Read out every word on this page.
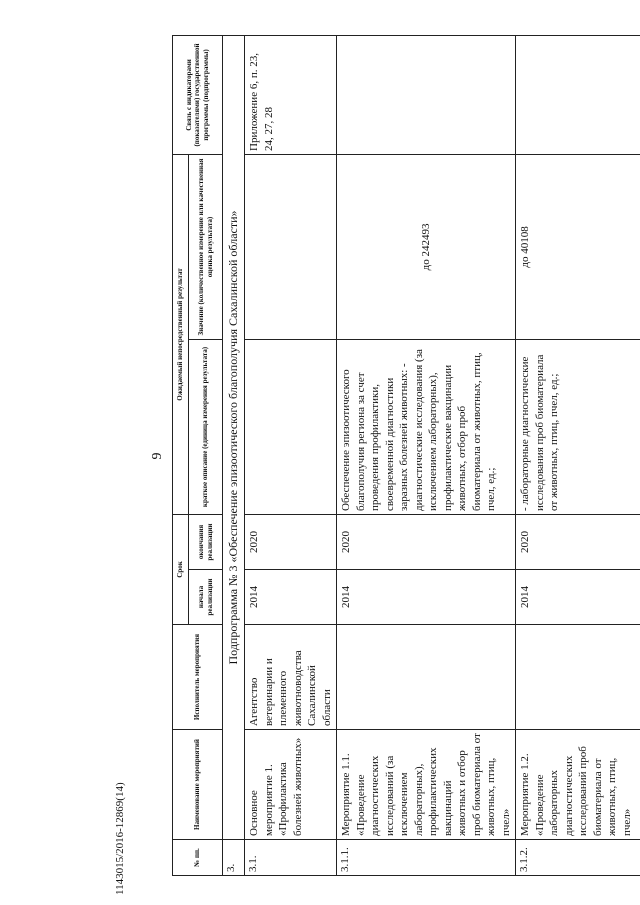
9
№ пп.	Наименование мероприятий	Исполнитель мероприятия	Срок		Ожидаемый непосредственный результат		Связь с индикаторами (показателями) государственной программы (подпрограммы)
			начала реализации	окончания реализации	краткое описание (единица измерения результата)	Значение (количественное измерение или качественная оценка результата)	
3.	Подпрограмма № 3 «Обеспечение эпизоотического благополучия Сахалинской области»						
3.1.	Основное мероприятие 1. «Профилактика болезней животных»	Агентство ветеринарии и племенного животноводства Сахалинской области	2014	2020			Приложение 6, п. 23, 24, 27, 28
3.1.1.	Мероприятие 1.1. «Проведение диагностических исследований (за исключением лабораторных), профилактических вакцинаций животных и отбор проб биоматериала от животных, птиц, пчел»		2014	2020	Обеспечение эпизоотического благополучия региона за счет проведения профилактики, своевременной диагностики заразных болезней животных: - диагностические исследования (за исключением лабораторных), профилактические вакцинации животных, отбор проб биоматериала от животных, птиц, пчел, ед.;	до 242493	
3.1.2.	Мероприятие 1.2. «Проведение лабораторных диагностических исследований проб биоматериала от животных, птиц, пчел»		2014	2020	- лабораторные диагностические исследования проб биоматериала от животных, птиц, пчел, ед.;	до 40108	
1143015/2016-12869(14)
